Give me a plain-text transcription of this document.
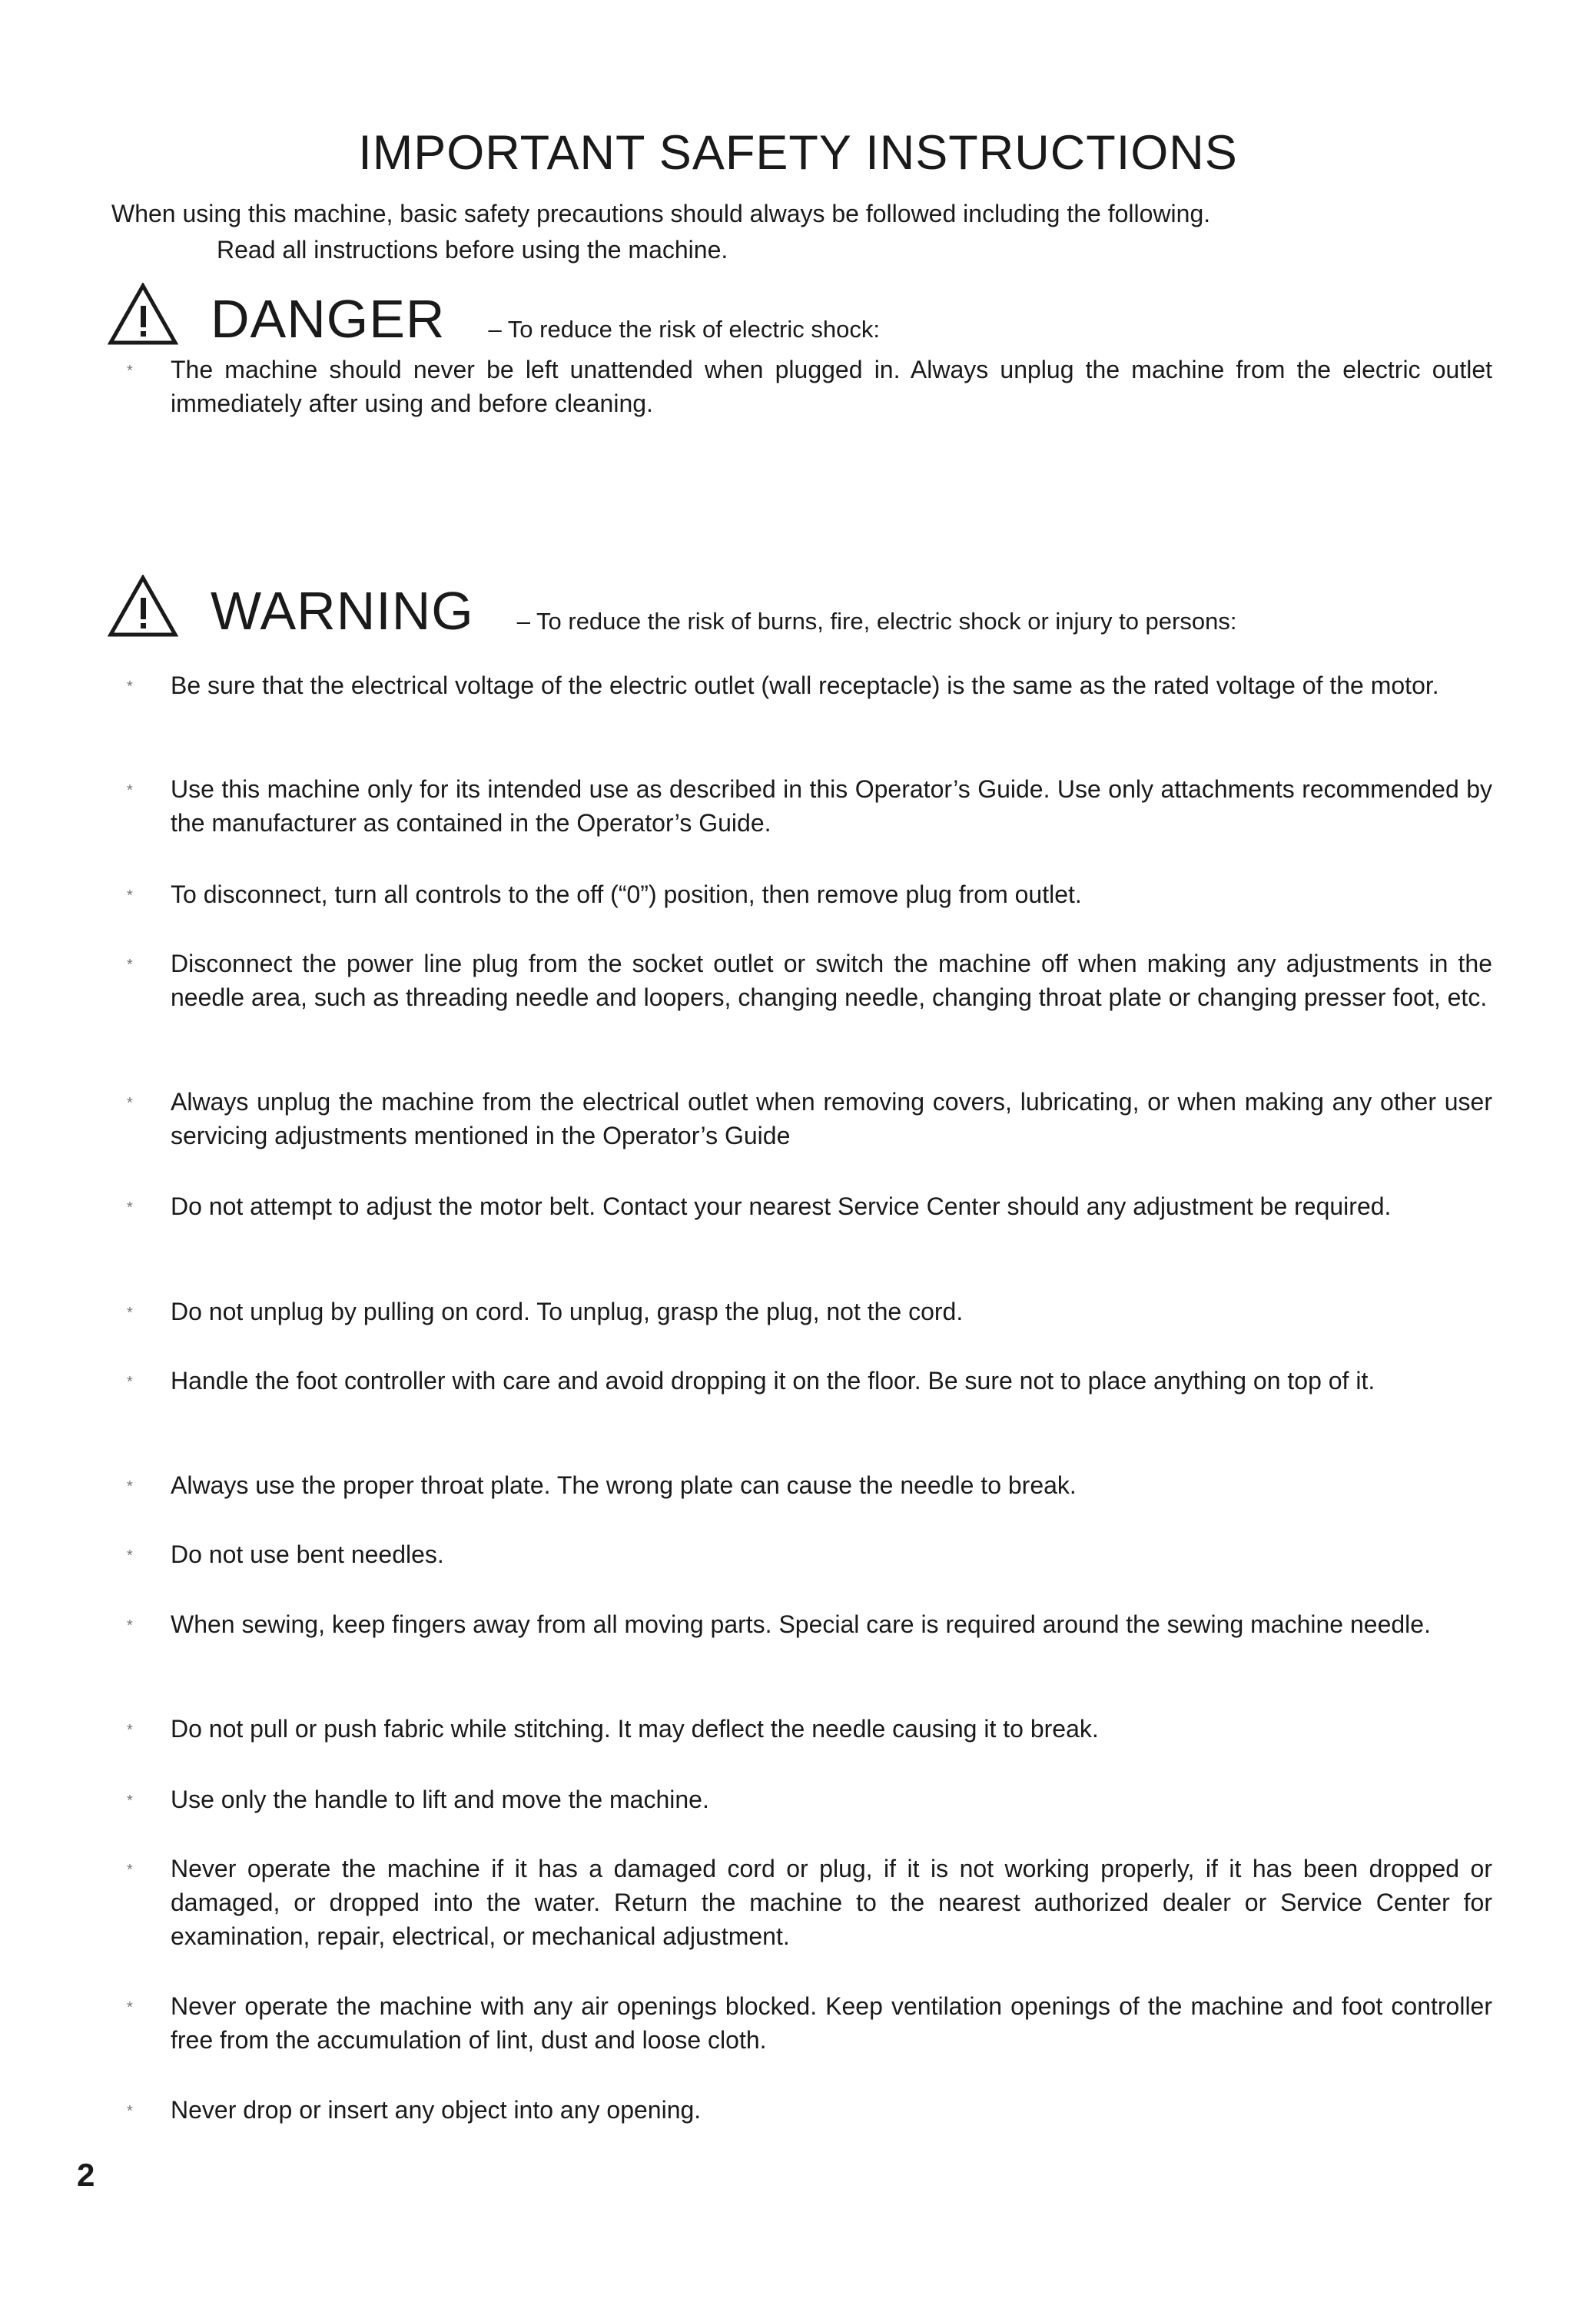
IMPORTANT SAFETY INSTRUCTIONS
When using this machine, basic safety precautions should always be followed including the following.
Read all instructions before using the machine.
DANGER – To reduce the risk of electric shock:
*	The machine should never be left unattended when plugged in. Always unplug the machine from the electric outlet immediately after using and before cleaning.
WARNING – To reduce the risk of burns, fire, electric shock or injury to persons:
*	Be sure that the electrical voltage of the electric outlet (wall receptacle) is the same as the rated voltage of the motor.
*	Use this machine only for its intended use as described in this Operator’s Guide. Use only attachments recommended by the manufacturer as contained in the Operator’s Guide.
*	To disconnect, turn all controls to the off (“0”) position, then remove plug from outlet.
*	Disconnect the power line plug from the socket outlet or switch the machine off when making any adjustments in the needle area, such as threading needle and loopers, changing needle, changing throat plate or changing presser foot, etc.
*	Always unplug the machine from the electrical outlet when removing covers, lubricating, or when making any other user servicing adjustments mentioned in the Operator’s Guide
*	Do not attempt to adjust the motor belt. Contact your nearest Service Center should any adjustment be required.
*	Do not unplug by pulling on cord. To unplug, grasp the plug, not the cord.
*	Handle the foot controller with care and avoid dropping it on the floor. Be sure not to place anything on top of it.
*	Always use the proper throat plate. The wrong plate can cause the needle to break.
*	Do not use bent needles.
*	When sewing, keep fingers away from all moving parts. Special care is required around the sewing machine needle.
*	Do not pull or push fabric while stitching. It may deflect the needle causing it to break.
*	Use only the handle to lift and move the machine.
*	Never operate the machine if it has a damaged cord or plug, if it is not working properly, if it has been dropped or damaged, or dropped into the water. Return the machine to the nearest authorized dealer or Service Center for examination, repair, electrical, or mechanical adjustment.
*	Never operate the machine with any air openings blocked. Keep ventilation openings of the machine and foot controller free from the accumulation of lint, dust and loose cloth.
*	Never drop or insert any object into any opening.
2
